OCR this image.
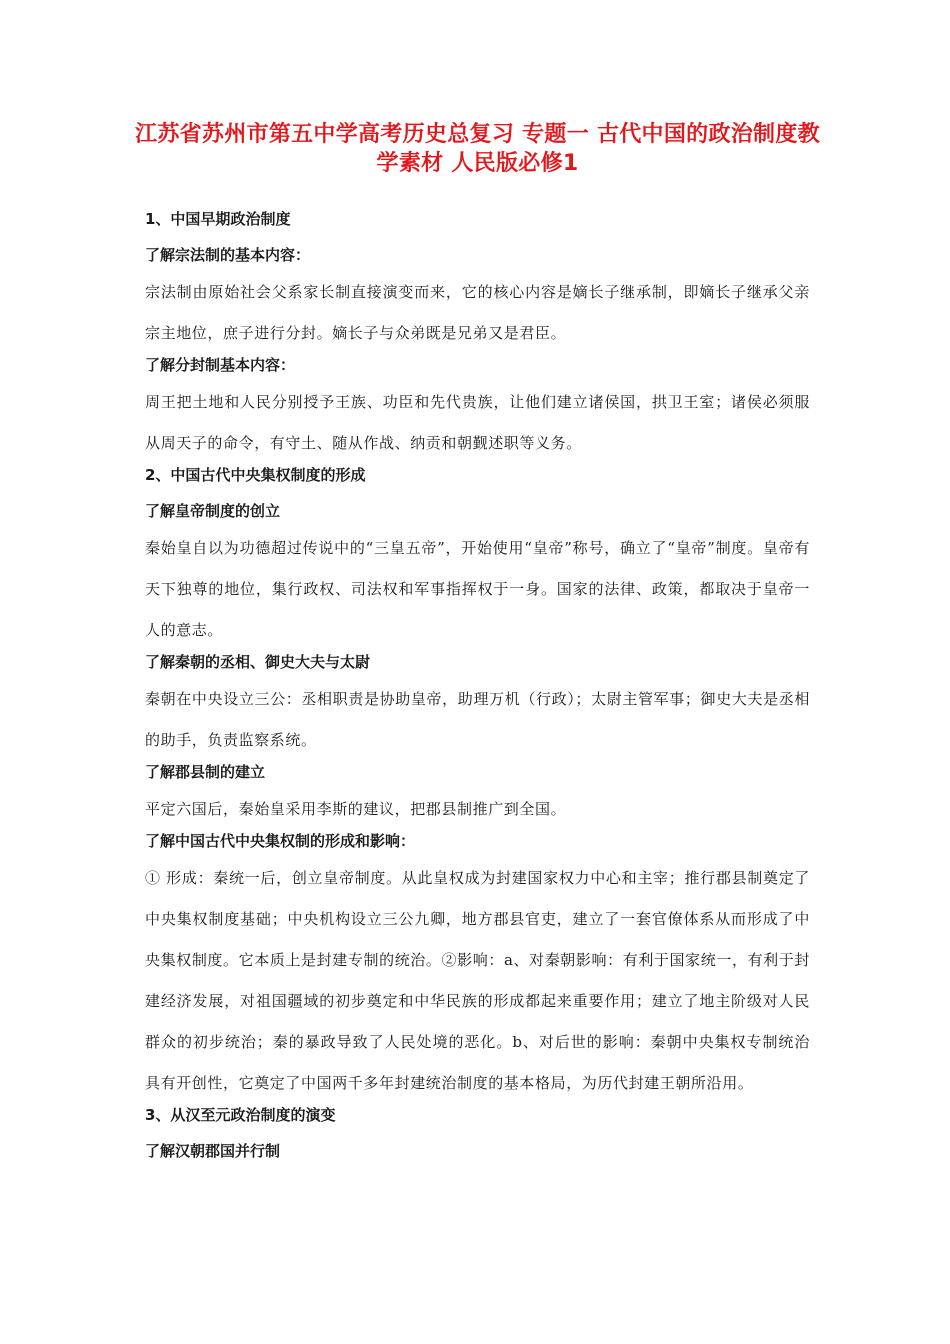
江苏省苏州市第五中学高考历史总复习 专题一 古代中国的政治制度教学素材 人民版必修1
1、中国早期政治制度
了解宗法制的基本内容：

宗法制由原始社会父系家长制直接演变而来，它的核心内容是嫡长子继承制，即嫡长子继承父亲宗主地位，庶子进行分封。嫡长子与众弟既是兄弟又是君臣。

了解分封制基本内容：

周王把土地和人民分别授予王族、功臣和先代贵族，让他们建立诸侯国，拱卫王室；诸侯必须服从周天子的命令，有守土、随从作战、纳贡和朝觐述职等义务。

2、中国古代中央集权制度的形成
了解皇帝制度的创立

秦始皇自以为功德超过传说中的“三皇五帝”，开始使用“皇帝”称号，确立了“皇帝”制度。皇帝有天下独尊的地位，集行政权、司法权和军事指挥权于一身。国家的法律、政策，都取决于皇帝一人的意志。

了解秦朝的丞相、御史大夫与太尉

秦朝在中央设立三公：丞相职责是协助皇帝，助理万机（行政）；太尉主管军事；御史大夫是丞相的助手，负责监察系统。

了解郡县制的建立

平定六国后，秦始皇采用李斯的建议，把郡县制推广到全国。

了解中国古代中央集权制的形成和影响：

① 形成：秦统一后，创立皇帝制度。从此皇权成为封建国家权力中心和主宰；推行郡县制奠定了中央集权制度基础；中央机构设立三公九卿，地方郡县官吏，建立了一套官僚体系从而形成了中央集权制度。它本质上是封建专制的统治。②影响：a、对秦朝影响：有利于国家统一，有利于封建经济发展，对祖国疆域的初步奠定和中华民族的形成都起来重要作用；建立了地主阶级对人民群众的初步统治；秦的暴政导致了人民处境的恶化。b、对后世的影响：秦朝中央集权专制统治具有开创性，它奠定了中国两千多年封建统治制度的基本格局，为历代封建王朝所沿用。

3、从汉至元政治制度的演变
了解汉朝郡国并行制
